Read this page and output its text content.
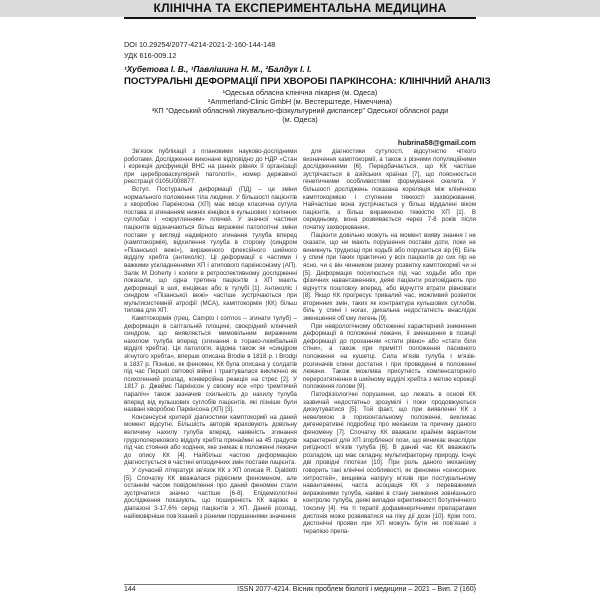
КЛІНІЧНА ТА ЕКСПЕРИМЕНТАЛЬНА МЕДИЦИНА
DOI 10.29254/2077-4214-2021-2-160-144-148
УДК 616-009.12
¹Хубетова І. В., ¹Павлішина Н. М., ²Балдук І. І.
ПОСТУРАЛЬНІ ДЕФОРМАЦІЇ ПРИ ХВОРОБІ ПАРКІНСОНА: КЛІНІЧНИЙ АНАЛІЗ
¹Одеська обласна клінічна лікарня (м. Одеса)
²Ammerland-Clinic GmbH (м. Вестерштеде, Німеччина)
³КП "Одеський обласний лікувально-фізкультурний диспансер" Одеської обласної ради
(м. Одеса)
hubrina58@gmail.com

Зв’язок публікації з плановими науково-дослідними роботами. Дослідження виконане відповідно до НДР «Стан і корекція дисфункцій ВНС на ранніх рівнях її організації при цереброваскулярній патології», номер державної реєстрації 0105U008877.

Вступ. Постуральні деформації (ПД) – це зміни нормального положення тіла людини. У більшості пацієнтів з хворобою Паркінсона (ХП) має місце класична сутула постава зі згинанням нижніх кінцівок в кульшових і колінних суглобах і «округленням» плечей. У значної частини пацієнтів відзначаються більш виражені патологічні зміни постави у вигляді надмірного згинання тулуба вперед (камптокормія), відхилення тулуба в сторону (синдром «Пізанської вежі»), вираженого флексійного шийного відділу хребта (антеколіс). Ці деформації є частими і важкими ускладненнями ХП і атипового паркінсонізму (АП). Залік М Doherty і колеги в ретроспективному дослідженні показали, що одна третина пацієнтів з ХП мають деформації в шиї, кінцівках або в тулубі [1]. Антеколіс і синдром «Пізанської вежі» частіше зустрічаються при мультисистемній атрофії (МСА), камптокормія (КК) більш типова для ХП.

Камптокормія (грец. Campto і corrnos – згинати тулуб) – деформація в сагітальній площині, своєрідний клінічний синдром, що виявляється мимовільним вираженим нахилом тулуба вперед (згинання в торако-люмбальній відділі хребта). Ця патологія, відома також як «синдром зігнутого хребта», вперше описана Brodie в 1818 р. і Brodgi в 1837 р. Пізніше, як феномен, КК була описана у солдатів під час Першої світової війни і трактувалася виключно як психогенний розлад, конверсійна реакція на стрес [2]. У 1817 р. Джеймс Паркінсон у своєму есе «про тремтячий параліч» також зазначив схильність до нахилу тулуба вперед від кульшових суглобів пацієнтів, які пізніше були названі хворобою Паркінсона (ХП) [3].

Консенсусні критерії діагностики камптокормії на даний момент відсутні. Більшість авторів враховують довільну величину нахилу тулуба вперед, наявність згинання грудопоперекового відділу хребта принаймні на 45 градусів під час стояння або ходіння, яке зникає в положенні лежачи до опису КК [4]. Найбільш частою деформацією діагностується в частині епізодичних змін постави пацієнта.

У сучасній літературі зв’язок КК з ХП описав R. Djaldetti [5]. Спочатку КК вважалася рідкісним феноменом, але останнім часом повідомлення про даний феномен стали зустрічатися значно частіше [6-8]. Епідеміологічні дослідження показують, що поширеність КК варіює в діапазоні 3-17,6% серед пацієнтів з ХП. Даний розлад, найімовірніше пов’язаний з різними порушеннями значення

для діагностики сутулості, відсутністю чіткого визначення камптокормії, а також з різними популяційними дослідженнями [6]. Передбачається, що КК частіше зустрічається в азійських країнах [7], що пояснюється генетичними особливостями формування скелета. У більшості досліджень показана кореляція між клінічною камптокормією і ступенем тяжкості захворювання. Найчастіше вона зустрічається у більш віддалені віком пацієнтів, з більш вираженою тяжкістю ХП [1]. В середньому, вона розвивається через 7-8 років після початку захворювання.

Пацієнти довільно можуть на момент вияву знання і не сказати, що не мають порушення постави доти, поки не виникнуть труднощі при ходьбі або порушиться зір [6]. Біль у спині при таких практично у всіх пацієнтів до сих пір не ясно, чи є він чинником ризику розвитку камптокормії чи ні [5]. Деформація посилюється під час ходьби або при фізичних навантаженнях, деякі пацієнти розповідають про відчуття поштовху вперед, або відчуття втрати рівноваги [8]. Якщо КК прогресує тривалий час, можливий розвиток вторинних змін, таких як контрактура кульшових суглобів, біль у спині і ногах, дихальна недостатність внаслідок зменшення об’єму легень [9].

При неврологічному обстеженні характерний зникнення деформації в положенні лежачи, її зменшення в позиції деформації до проханням «стати рівно» або «стати біля стіни», а також при примітті положення пасивного положення на кушетці. Сила м’язів тулуба і м’язів-розгиначів спини достатня і при проведенні в положенні лежачи. Також можлива присутність компенсаторного перерозтягнення в шийному відділі хребта з метою корекції положення голови [9].

Патофізіологічні порушення, що лежать в основі КК зазвичай недостатньо зрозумілі і поки продовжуються дискутуватися [5]. Той факт, що при виявленні КК з невеликою в горизонтальному положенні, викликає дегенеративні подробиці про механізм та причину даного феномену [7]. Спочатку КК вважали крайнім варіантом характерної для ХП згорбленої пози, що виникає внаслідок ригідності м’язів тулуба [6]. В даний час КК вважають розладом, що має складну, мультифакторну природу. Існує дві провідні гіпотези [10]. При роль даного механізму говорить такі клінічні особливості, як феномен «сенсорних хитростей», вищевка напругу м’язів при постуральному навантаженні, часта асоціація КК з переважними вираженими тулуба, наявні в стану зниження зовнішнього контролю тулуба, деякі випадки ефективності ботулінічного токсину [4]. На ті терапії дофамінергічними препаратами дистонія може розвиватися на піку дії дози [10]. Крім того, дистонічні прояви при ХП можуть бути не пов’язані з терапією препа-

144	ISSN 2077-4214. Вісник проблем біології і медицини – 2021 – Вип. 2 (160)
